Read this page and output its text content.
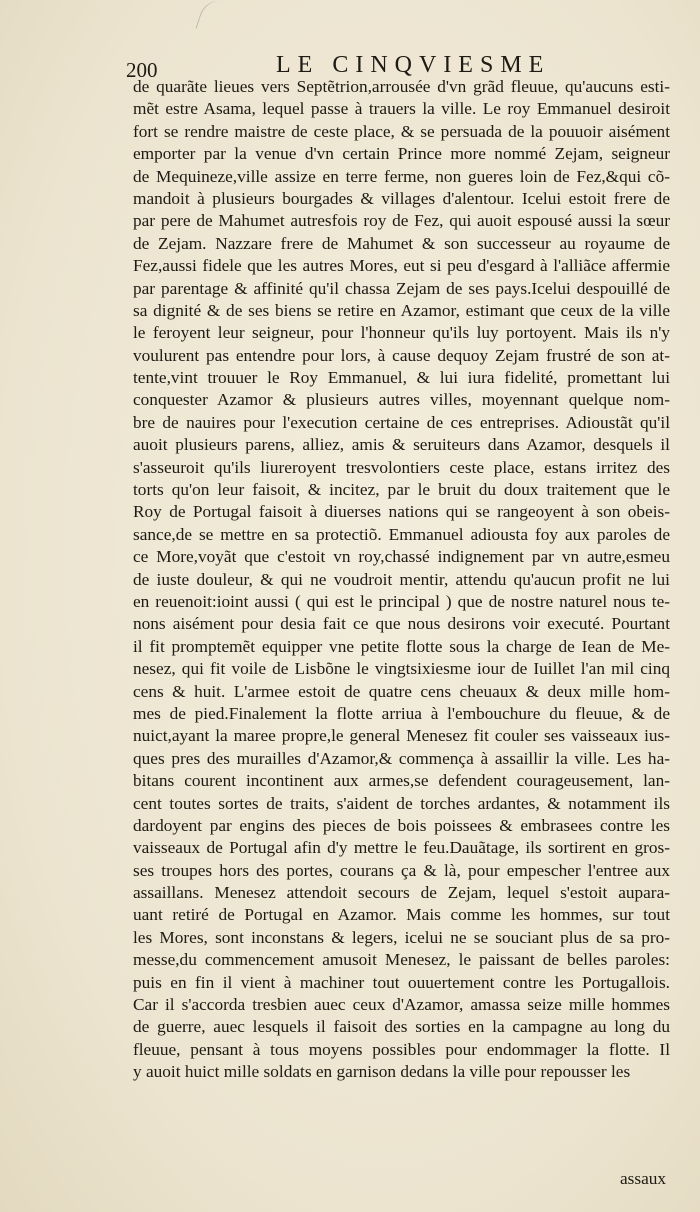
200	LE CINQVIESME
de quarãte lieues vers Septẽtrion,arrousée d'vn grãd fleuue, qu'aucuns esti-
mẽt estre Asama, lequel passe à trauers la ville. Le roy Emmanuel desiroit
fort se rendre maistre de ceste place, & se persuada de la pouuoir aisément
emporter par la venue d'vn certain Prince more nommé Zejam, seigneur
de Mequineze,ville assize en terre ferme, non gueres loin de Fez,&qui cõ-
mandoit à plusieurs bourgades & villages d'alentour. Icelui estoit frere de
par pere de Mahumet autresfois roy de Fez, qui auoit espousé aussi la sœur
de Zejam. Nazzare frere de Mahumet & son successeur au royaume de
Fez,aussi fidele que les autres Mores, eut si peu d'esgard à l'alliãce affermie
par parentage & affinité qu'il chassa Zejam de ses pays.Icelui despouillé de
sa dignité & de ses biens se retire en Azamor, estimant que ceux de la ville
le feroyent leur seigneur, pour l'honneur qu'ils luy portoyent. Mais ils n'y
voulurent pas entendre pour lors, à cause dequoy Zejam frustré de son at-
tente,vint trouuer le Roy Emmanuel, & lui iura fidelité, promettant lui
conquester Azamor & plusieurs autres villes, moyennant quelque nom-
bre de nauires pour l'execution certaine de ces entreprises. Adioustãt qu'il
auoit plusieurs parens, alliez, amis & seruiteurs dans Azamor, desquels il
s'asseuroit qu'ils liureroyent tresvolontiers ceste place, estans irritez des
torts qu'on leur faisoit, & incitez, par le bruit du doux traitement que le
Roy de Portugal faisoit à diuerses nations qui se rangeoyent à son obeis-
sance,de se mettre en sa protectiõ. Emmanuel adiousta foy aux paroles de
ce More,voyãt que c'estoit vn roy,chassé indignement par vn autre,esmeu
de iuste douleur, & qui ne voudroit mentir, attendu qu'aucun profit ne lui
en reuenoit:ioint aussi ( qui est le principal ) que de nostre naturel nous te-
nons aisément pour desia fait ce que nous desirons voir executé. Pourtant
il fit promptemẽt equipper vne petite flotte sous la charge de Iean de Me-
nesez, qui fit voile de Lisbõne le vingtsixiesme iour de Iuillet l'an mil cinq
cens & huit. L'armee estoit de quatre cens cheuaux & deux mille hom-
mes de pied.Finalement la flotte arriua à l'embouchure du fleuue, & de
nuict,ayant la maree propre,le general Menesez fit couler ses vaisseaux ius-
ques pres des murailles d'Azamor,& commença à assaillir la ville. Les ha-
bitans courent incontinent aux armes,se defendent courageusement, lan-
cent toutes sortes de traits, s'aident de torches ardantes, & notamment ils
dardoyent par engins des pieces de bois poissees & embrasees contre les
vaisseaux de Portugal afin d'y mettre le feu.Dauãtage, ils sortirent en gros-
ses troupes hors des portes, courans ça & là, pour empescher l'entree aux
assaillans. Menesez attendoit secours de Zejam, lequel s'estoit aupara-
uant retiré de Portugal en Azamor. Mais comme les hommes, sur tout
les Mores, sont inconstans & legers, icelui ne se souciant plus de sa pro-
messe,du commencement amusoit Menesez, le paissant de belles paroles:
puis en fin il vient à machiner tout ouuertement contre les Portugallois.
Car il s'accorda tresbien auec ceux d'Azamor, amassa seize mille hommes
de guerre, auec lesquels il faisoit des sorties en la campagne au long du
fleuue, pensant à tous moyens possibles pour endommager la flotte. Il
y auoit huict mille soldats en garnison dedans la ville pour repousser les
assaux
